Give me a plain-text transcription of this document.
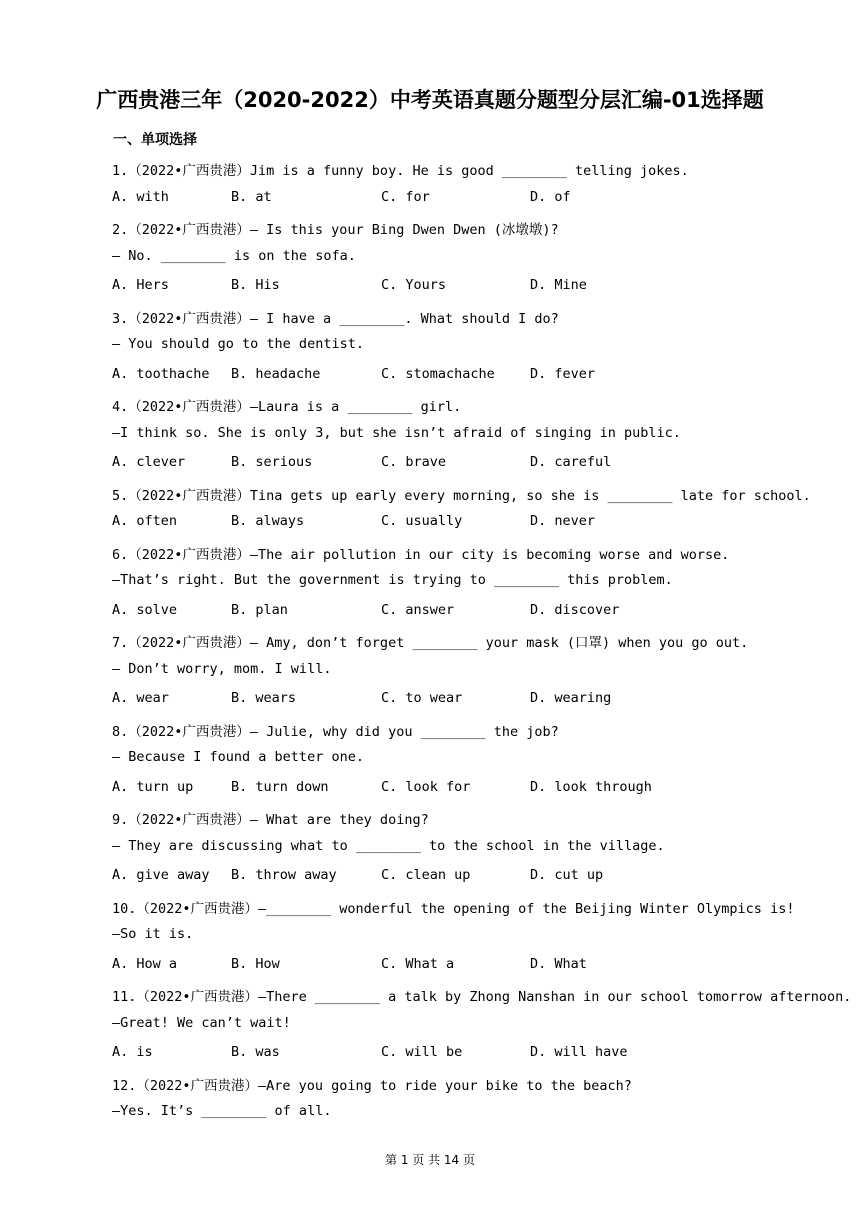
广西贵港三年（2020-2022）中考英语真题分题型分层汇编-01选择题
一、单项选择
1.（2022•广西贵港）Jim is a funny boy. He is good ________ telling jokes.
A. with	B. at	C. for	D. of
2.（2022•广西贵港）— Is this your Bing Dwen Dwen (冰墩墩)?
— No. ________ is on the sofa.
A. Hers	B. His	C. Yours	D. Mine
3.（2022•广西贵港）— I have a ________. What should I do?
— You should go to the dentist.
A. toothache B. headache	C. stomachache	D. fever
4.（2022•广西贵港）—Laura is a ________ girl.
—I think so. She is only 3, but she isn’t afraid of singing in public.
A. clever	B. serious	C. brave	D. careful
5.（2022•广西贵港）Tina gets up early every morning, so she is ________ late for school.
A. often	B. always	C. usually	D. never
6.（2022•广西贵港）—The air pollution in our city is becoming worse and worse.
—That’s right. But the government is trying to ________ this problem.
A. solve	B. plan	C. answer	D. discover
7.（2022•广西贵港）— Amy, don’t forget ________ your mask (口罩) when you go out.
— Don’t worry, mom. I will.
A. wear	B. wears	C. to wear	D. wearing
8.（2022•广西贵港）— Julie, why did you ________ the job?
— Because I found a better one.
A. turn up	B. turn down	C. look for	D. look through
9.（2022•广西贵港）— What are they doing?
— They are discussing what to ________ to the school in the village.
A. give away B. throw away	C. clean up	D. cut up
10.（2022•广西贵港）—________ wonderful the opening of the Beijing Winter Olympics is!
—So it is.
A. How a	B. How	C. What a	D. What
11.（2022•广西贵港）—There ________ a talk by Zhong Nanshan in our school tomorrow afternoon.
—Great! We can’t wait!
A. is	B. was	C. will be	D. will have
12.（2022•广西贵港）—Are you going to ride your bike to the beach?
—Yes. It’s ________ of all.
第 1 页 共 14 页
